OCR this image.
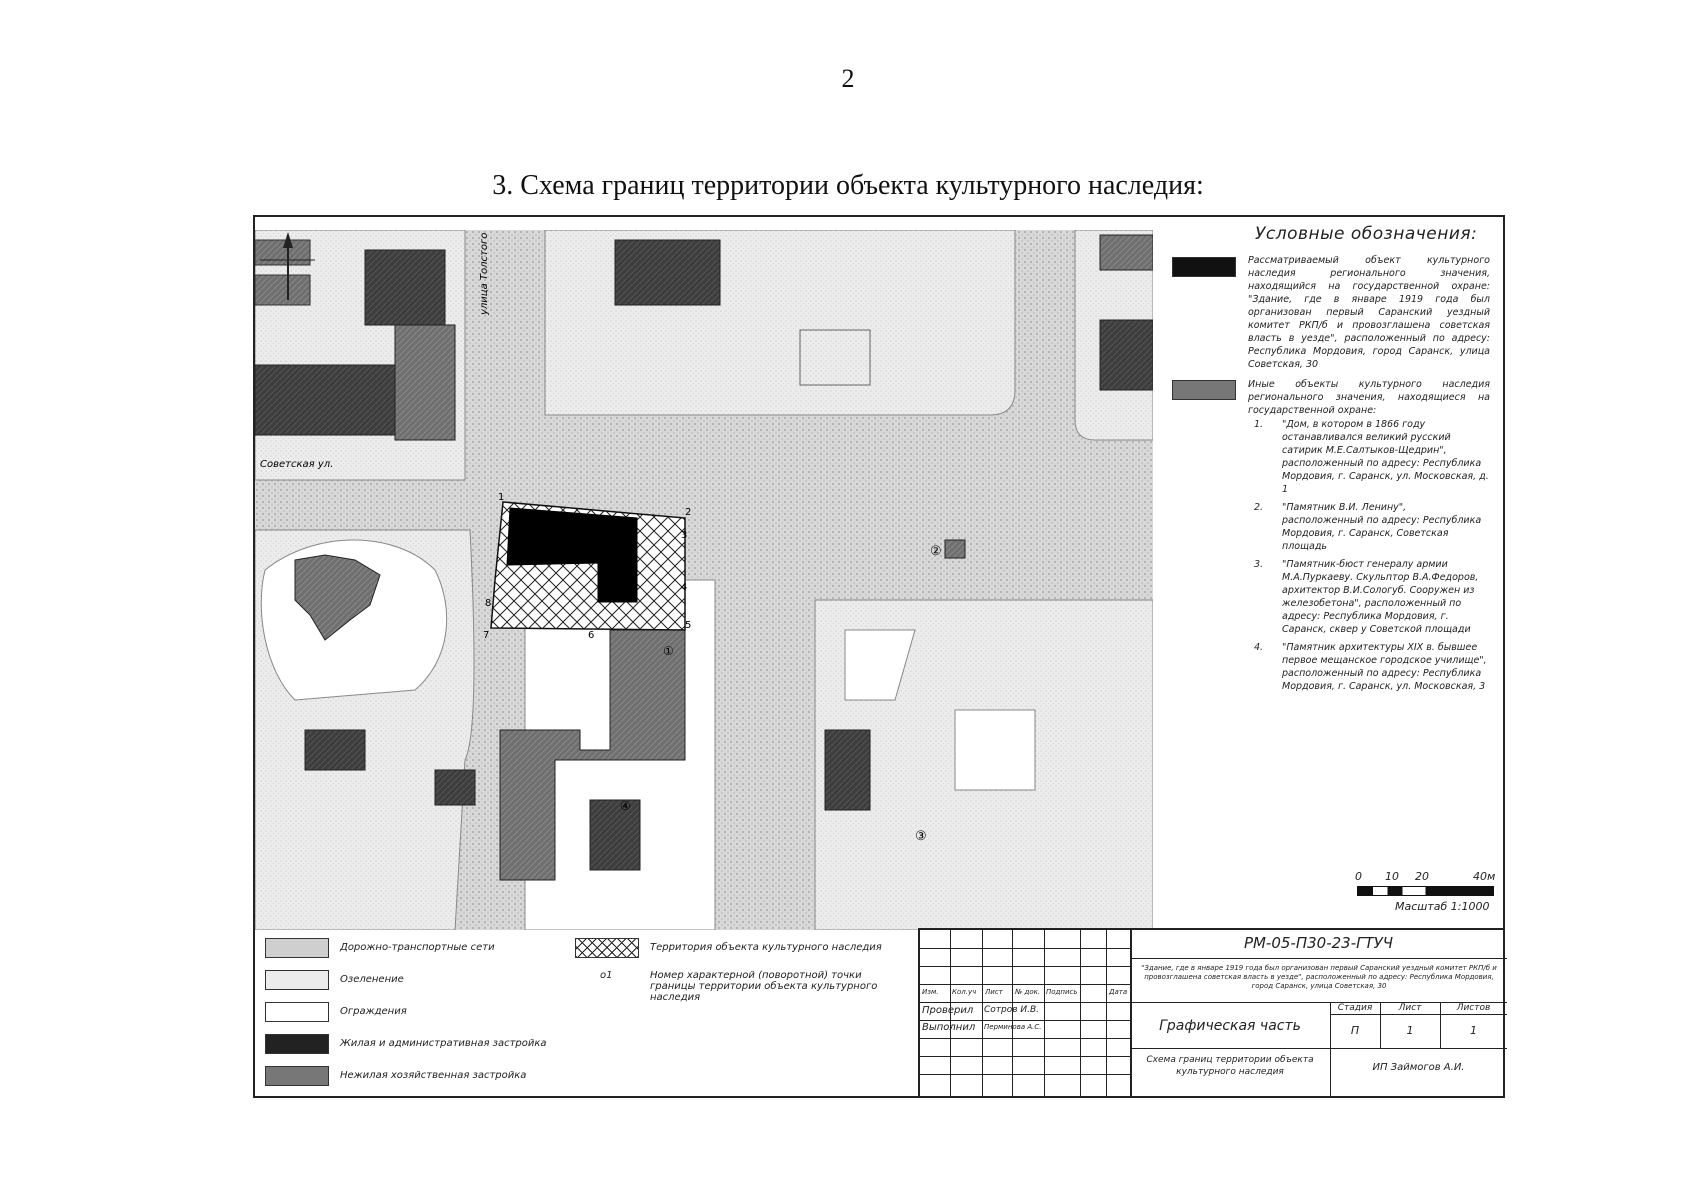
2
3. Схема границ территории объекта культурного наследия:
1
2
3
4
5
6
7
8
①
②
③
④
Советская ул.
улица Толстого	Условные обозначения:
Рассматриваемый объект культурного наследия регионального значения, находящийся на государственной охране: "Здание, где в январе 1919 года был организован первый Саранский уездный комитет РКП/б и провозглашена советская власть в уезде", расположенный по адресу: Республика Мордовия, город Саранск, улица Советская, 30
Иные объекты культурного наследия регионального значения, находящиеся на государственной охране:
1. "Дом, в котором в 1866 году останавливался великий русский сатирик М.Е.Салтыков-Щедрин", расположенный по адресу: Республика Мордовия, г. Саранск, ул. Московская, д. 1
2. "Памятник В.И. Ленину", расположенный по адресу: Республика Мордовия, г. Саранск, Советская площадь
3. "Памятник-бюст генералу армии М.А.Пуркаеву. Скульптор В.А.Федоров, архитектор В.И.Сологуб. Сооружен из железобетона", расположенный по адресу: Республика Мордовия, г. Саранск, сквер у Советской площади
4. "Памятник архитектуры XIX в. бывшее первое мещанское городское училище", расположенный по адресу: Республика Мордовия, г. Саранск, ул. Московская, 3
0 10 20	40м
Масштаб 1:1000
Дорожно-транспортные сети
Озеленение
Ограждения
Жилая и административная застройка
Нежилая хозяйственная застройка
Территория объекта культурного наследия
о1	Номер характерной (поворотной) точки границы территории объекта культурного наследия	Изм. Кол.уч Лист № док. Подпись	Дата
Проверил Сотров И.В.
Выполнил Перминова А.С.
РМ-05-П30-23-ГТУЧ
"Здание, где в январе 1919 года был организован первый Саранский уездный комитет РКП/б и провозглашена советская власть в уезде", расположенный по адресу: Республика Мордовия, город Саранск, улица Советская, 30
Графическая часть
Стадия	Лист	Листов
П	1	1
Схема границ территории объекта культурного наследия	ИП Займогов А.И.
